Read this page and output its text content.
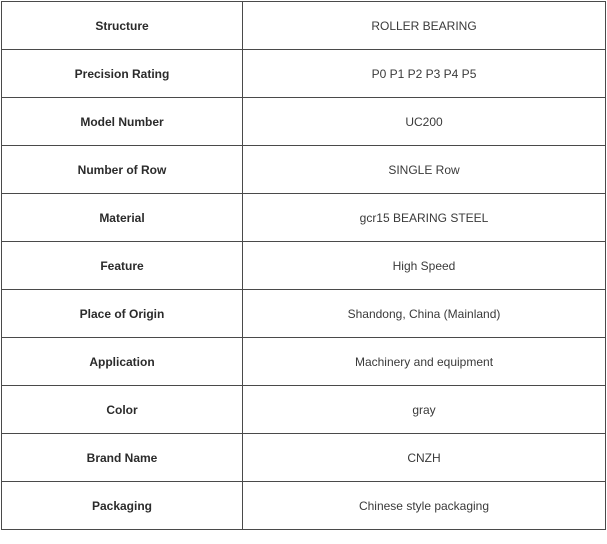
Structure	ROLLER BEARING
Precision Rating	P0 P1 P2 P3 P4 P5
Model Number	UC200
Number of Row	SINGLE Row
Material	gcr15 BEARING STEEL
Feature	High Speed
Place of Origin	Shandong, China (Mainland)
Application	Machinery and equipment
Color	gray
Brand Name	CNZH
Packaging	Chinese style packaging
